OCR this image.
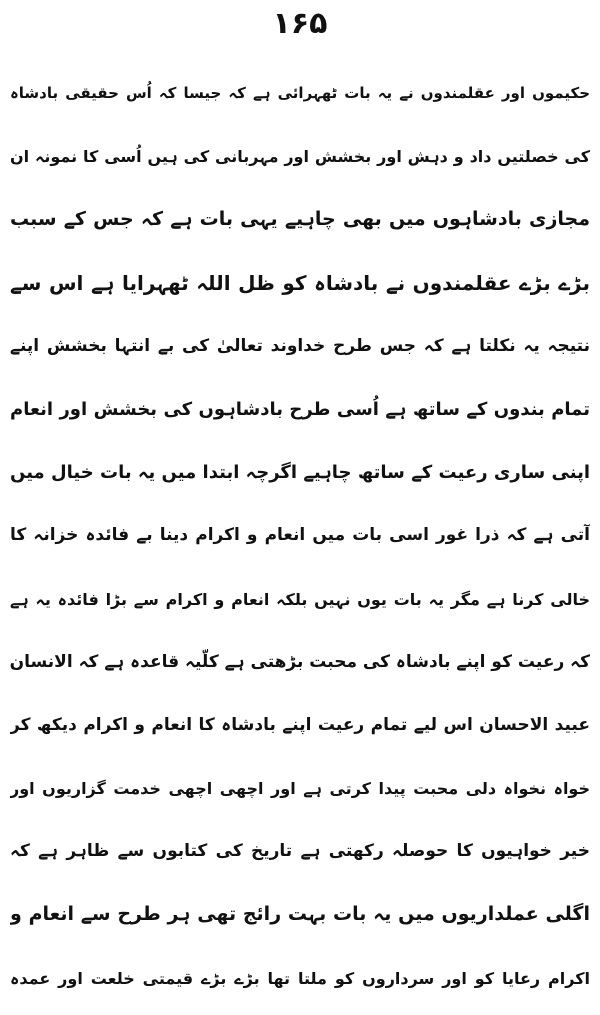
۱۶۵
حکیموں اور عقلمندوں نے یہ بات ٹھہرائی ہے کہ جیسا کہ اُس حقیقی بادشاہ
کی خصلتیں داد و دہش اور بخشش اور مہربانی کی ہیں اُسی کا نمونہ ان
مجازی بادشاہوں میں بھی چاہیے یہی بات ہے کہ جس کے سبب
بڑے بڑے عقلمندوں نے بادشاہ کو ظل اللہ ٹھہرایا ہے اس سے
نتیجہ یہ نکلتا ہے کہ جس طرح خداوند تعالیٰ کی بے انتہا بخشش اپنے
تمام بندوں کے ساتھ ہے اُسی طرح بادشاہوں کی بخشش اور انعام
اپنی ساری رعیت کے ساتھ چاہیے اگرچہ ابتدا میں یہ بات خیال میں
آتی ہے کہ ذرا غور اسی بات میں انعام و اکرام دینا بے فائدہ خزانہ کا
خالی کرنا ہے مگر یہ بات یوں نہیں بلکہ انعام و اکرام سے بڑا فائدہ یہ ہے
کہ رعیت کو اپنے بادشاہ کی محبت بڑھتی ہے کلّیہ قاعدہ ہے کہ الانسان
عبید الاحسان اس لیے تمام رعیت اپنے بادشاہ کا انعام و اکرام دیکھ کر
خواہ نخواہ دلی محبت پیدا کرتی ہے اور اچھی اچھی خدمت گزاریوں اور
خیر خواہیوں کا حوصلہ رکھتی ہے تاریخ کی کتابوں سے ظاہر ہے کہ
اگلی عملداریوں میں یہ بات بہت رائج تھی ہر طرح سے انعام و
اکرام رعایا کو اور سرداروں کو ملتا تھا بڑے بڑے قیمتی خلعت اور عمدہ
